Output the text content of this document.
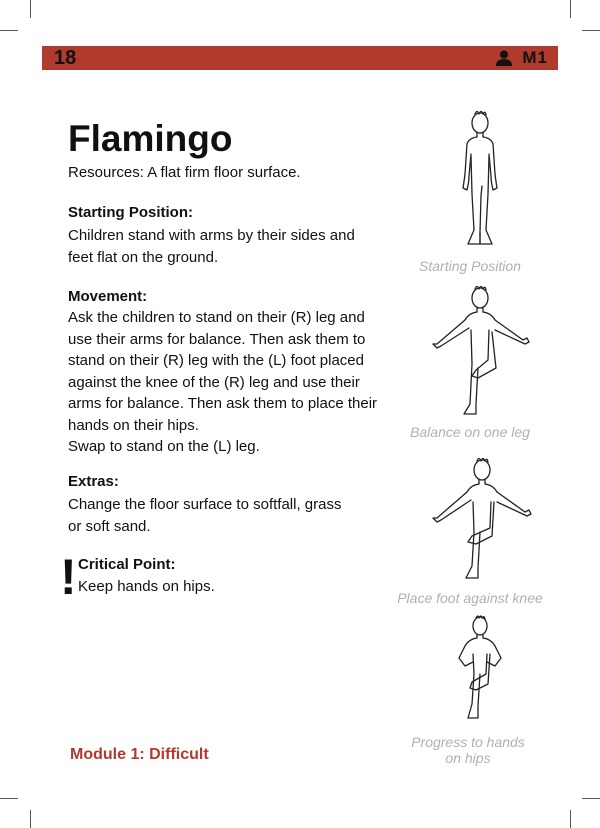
18	M1
Flamingo
Resources: A flat firm floor surface.
Starting Position:
Children stand with arms by their sides and
feet flat on the ground.
Movement:
Ask the children to stand on their (R) leg and
use their arms for balance. Then ask them to
stand on their (R) leg with the (L) foot placed
against the knee of the (R) leg and use their
arms for balance. Then ask them to place their
hands on their hips.
Swap to stand on the (L) leg.
Extras:
Change the floor surface to softfall, grass
or soft sand.
! Critical Point:
Keep hands on hips.
Starting Position
Balance on one leg
Place foot against knee
Progress to hands
on hips
Module 1: Difficult
